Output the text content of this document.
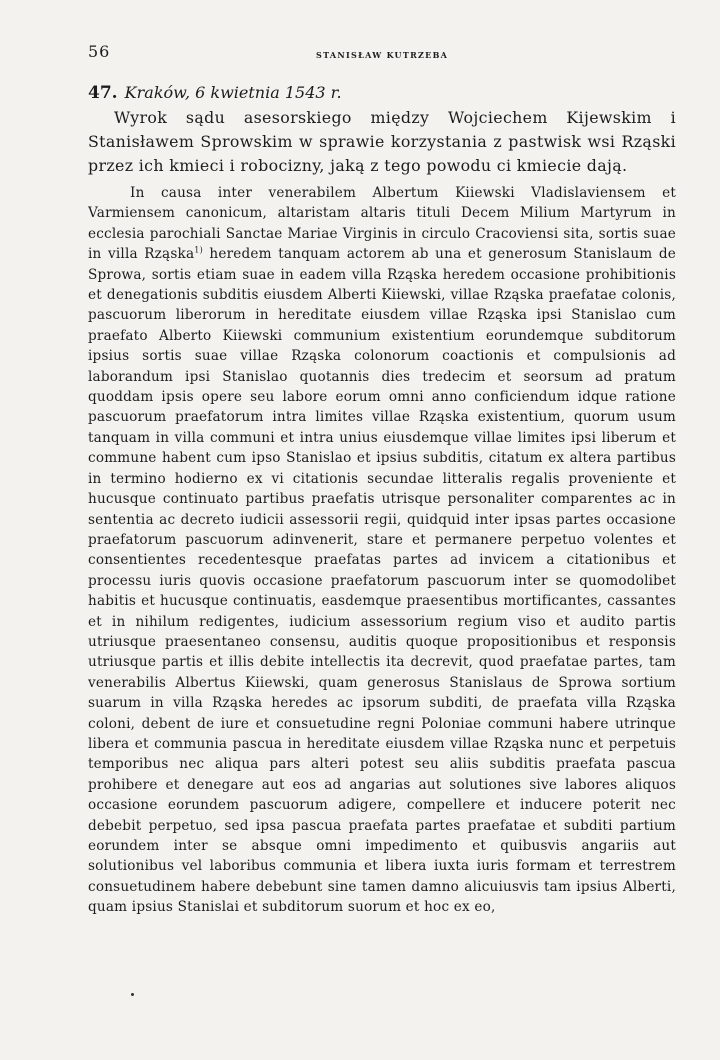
56	STANISŁAW KUTRZEBA
47. Kraków, 6 kwietnia 1543 r.
Wyrok sądu asesorskiego między Wojciechem Kijewskim i Stanisławem Sprowskim w sprawie korzystania z pastwisk wsi Rząski przez ich kmieci i robocizny, jaką z tego powodu ci kmiecie dają.
In causa inter venerabilem Albertum Kiiewski Vladislaviensem et Varmiensem canonicum, altaristam altaris tituli Decem Milium Martyrum in ecclesia parochiali Sanctae Mariae Virginis in circulo Cracoviensi sita, sortis suae in villa Rząska$^{1)}$ heredem tanquam actorem ab una et generosum Stanislaum de Sprowa, sortis etiam suae in eadem villa Rząska heredem occasione prohibitionis et denegationis subditis eiusdem Alberti Kiiewski, villae Rząska praefatae colonis, pascuorum liberorum in hereditate eiusdem villae Rząska ipsi Stanislao cum praefato Alberto Kiiewski communium existentium eorundemque subditorum ipsius sortis suae villae Rząska colonorum coactionis et compulsionis ad laborandum ipsi Stanislao quotannis dies tredecim et seorsum ad pratum quoddam ipsis opere seu labore eorum omni anno conficiendum idque ratione pascuorum praefatorum intra limites villae Rząska existentium, quorum usum tanquam in villa communi et intra unius eiusdemque villae limites ipsi liberum et commune habent cum ipso Stanislao et ipsius subditis, citatum ex altera partibus in termino hodierno ex vi citationis secundae litteralis regalis proveniente et hucusque continuato partibus praefatis utrisque personaliter comparentes ac in sententia ac decreto iudicii assessorii regii, quidquid inter ipsas partes occasione praefatorum pascuorum adinvenerit, stare et permanere perpetuo volentes et consentientes recedentesque praefatas partes ad invicem a citationibus et processu iuris quovis occasione praefatorum pascuorum inter se quomodolibet habitis et hucusque continuatis, easdemque praesentibus mortificantes, cassantes et in nihilum redigentes, iudicium assessorium regium viso et audito partis utriusque praesentaneo consensu, auditis quoque propositionibus et responsis utriusque partis et illis debite intellectis ita decrevit, quod praefatae partes, tam venerabilis Albertus Kiiewski, quam generosus Stanislaus de Sprowa sortium suarum in villa Rząska heredes ac ipsorum subditi, de praefata villa Rząska coloni, debent de iure et consuetudine regni Poloniae communi habere utrinque libera et communia pascua in hereditate eiusdem villae Rząska nunc et perpetuis temporibus nec aliqua pars alteri potest seu aliis subditis praefata pascua prohibere et denegare aut eos ad angarias aut solutiones sive labores aliquos occasione eorundem pascuorum adigere, compellere et inducere poterit nec debebit perpetuo, sed ipsa pascua praefata partes praefatae et subditi partium eorundem inter se absque omni impedimento et quibusvis angariis aut solutionibus vel laboribus communia et libera iuxta iuris formam et terrestrem consuetudinem habere debebunt sine tamen damno alicuiusvis tam ipsius Alberti, quam ipsius Stanislai et subditorum suorum et hoc ex eo,
